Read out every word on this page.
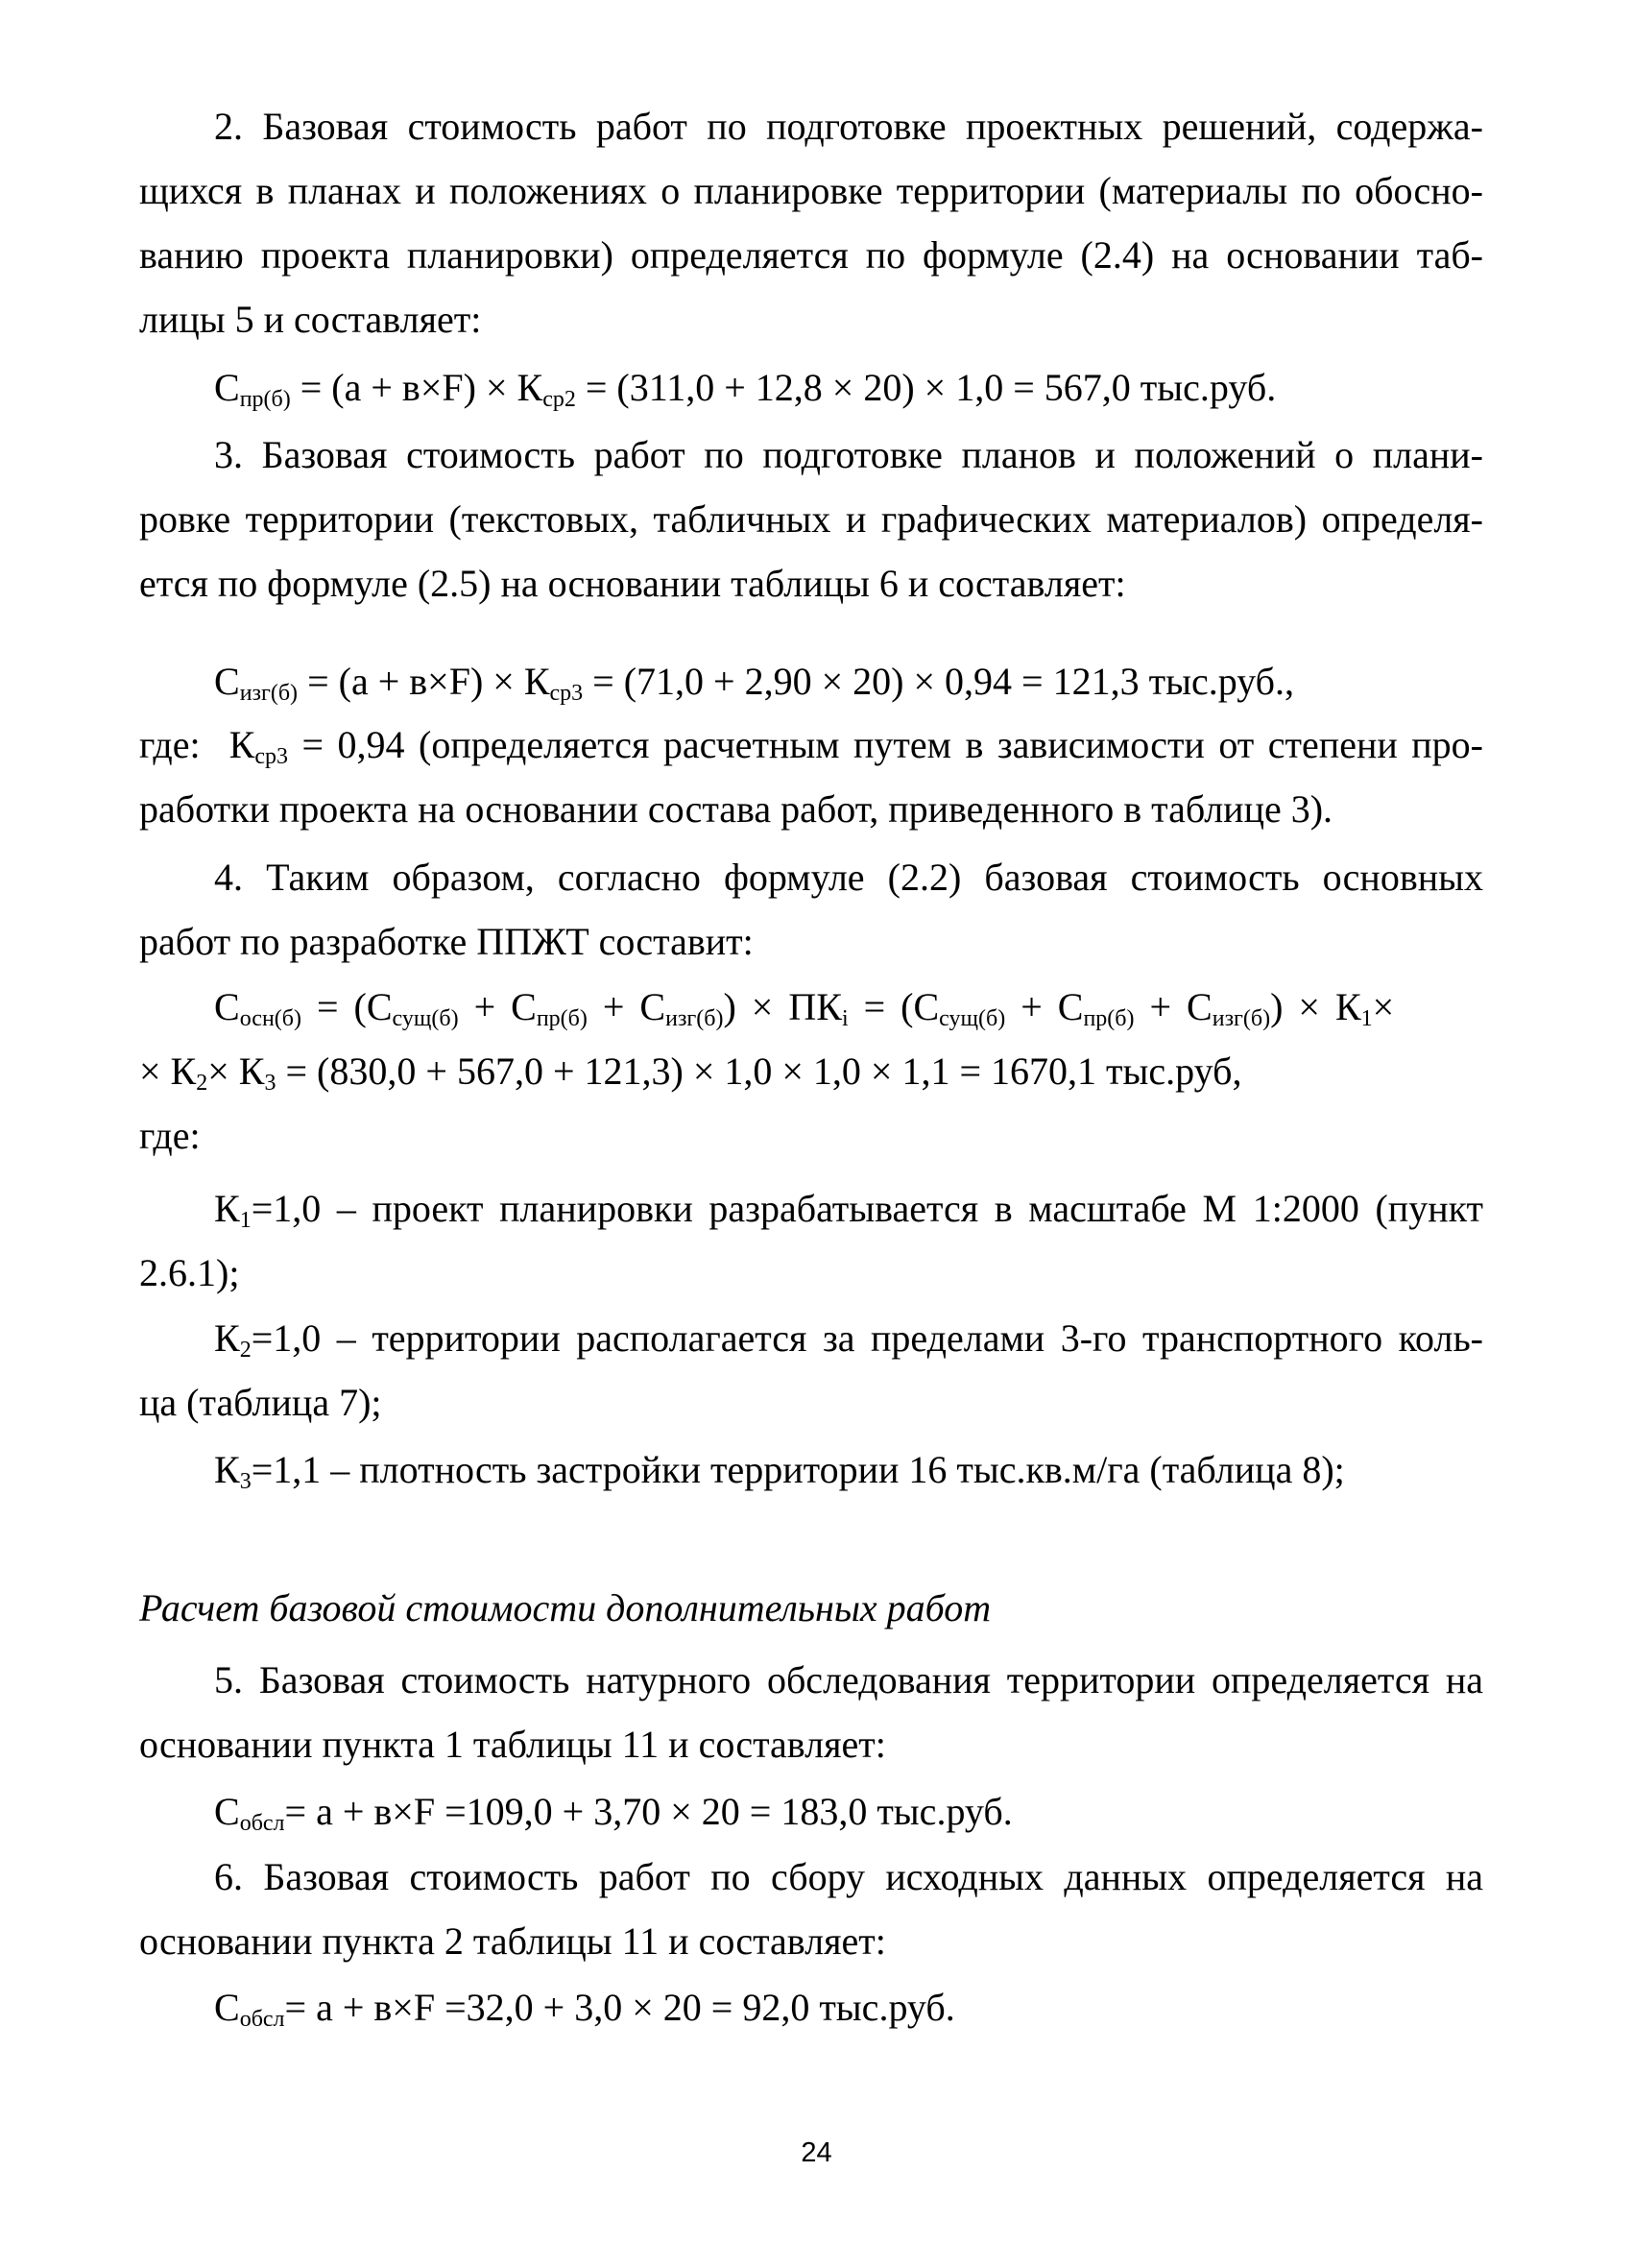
2. Базовая стоимость работ по подготовке проектных решений, содержа-

щихся в планах и положениях о планировке территории (материалы по обосно-

ванию проекта планировки) определяется по формуле (2.4) на основании таб-

лицы 5 и составляет:

$С_{пр(б)} = (а + в\times F) \times К_{ср2} = (311,0 + 12,8 \times 20) \times 1,0 = 567,0$ тыс.руб.

3. Базовая стоимость работ по подготовке планов и положений о плани-

ровке территории (текстовых, табличных и графических материалов) определя-

ется по формуле (2.5) на основании таблицы 6 и составляет:

$С_{изг(б)} = (а + в\times F) \times К_{ср3} = (71,0 + 2,90 \times 20) \times 0,94 = 121,3$ тыс.руб.,

где: $К_{ср3} = 0,94$ (определяется расчетным путем в зависимости от степени про-

работки проекта на основании состава работ, приведенного в таблице 3).

4. Таким образом, согласно формуле (2.2) базовая стоимость основных

работ по разработке ППЖТ составит:

$С_{осн(б)} = (С_{сущ(б)} + С_{пр(б)} + С_{изг(б)}) \times ПК_i = (С_{сущ(б)} + С_{пр(б)} + С_{изг(б)}) \times К_1\times$

× $К_2\times К_3 = (830,0 + 567,0 + 121,3) \times 1,0 \times 1,0 \times 1,1 = 1670,1$ тыс.руб,

где:

$К_1=1,0$ – проект планировки разрабатывается в масштабе М 1:2000 (пункт

2.6.1);

$К_2=1,0$ – территории располагается за пределами 3-го транспортного коль-

ца (таблица 7);

$К_3=1,1$ – плотность застройки территории 16 тыс.кв.м/га (таблица 8);

Расчет базовой стоимости дополнительных работ

5. Базовая стоимость натурного обследования территории определяется на

основании пункта 1 таблицы 11 и составляет:

$С_{обсл}= а + в\times F =109,0 + 3,70 \times 20 = 183,0$ тыс.руб.

6. Базовая стоимость работ по сбору исходных данных определяется на

основании пункта 2 таблицы 11 и составляет:

$С_{обсл}= а + в\times F =32,0 + 3,0 \times 20 = 92,0$ тыс.руб.

24
